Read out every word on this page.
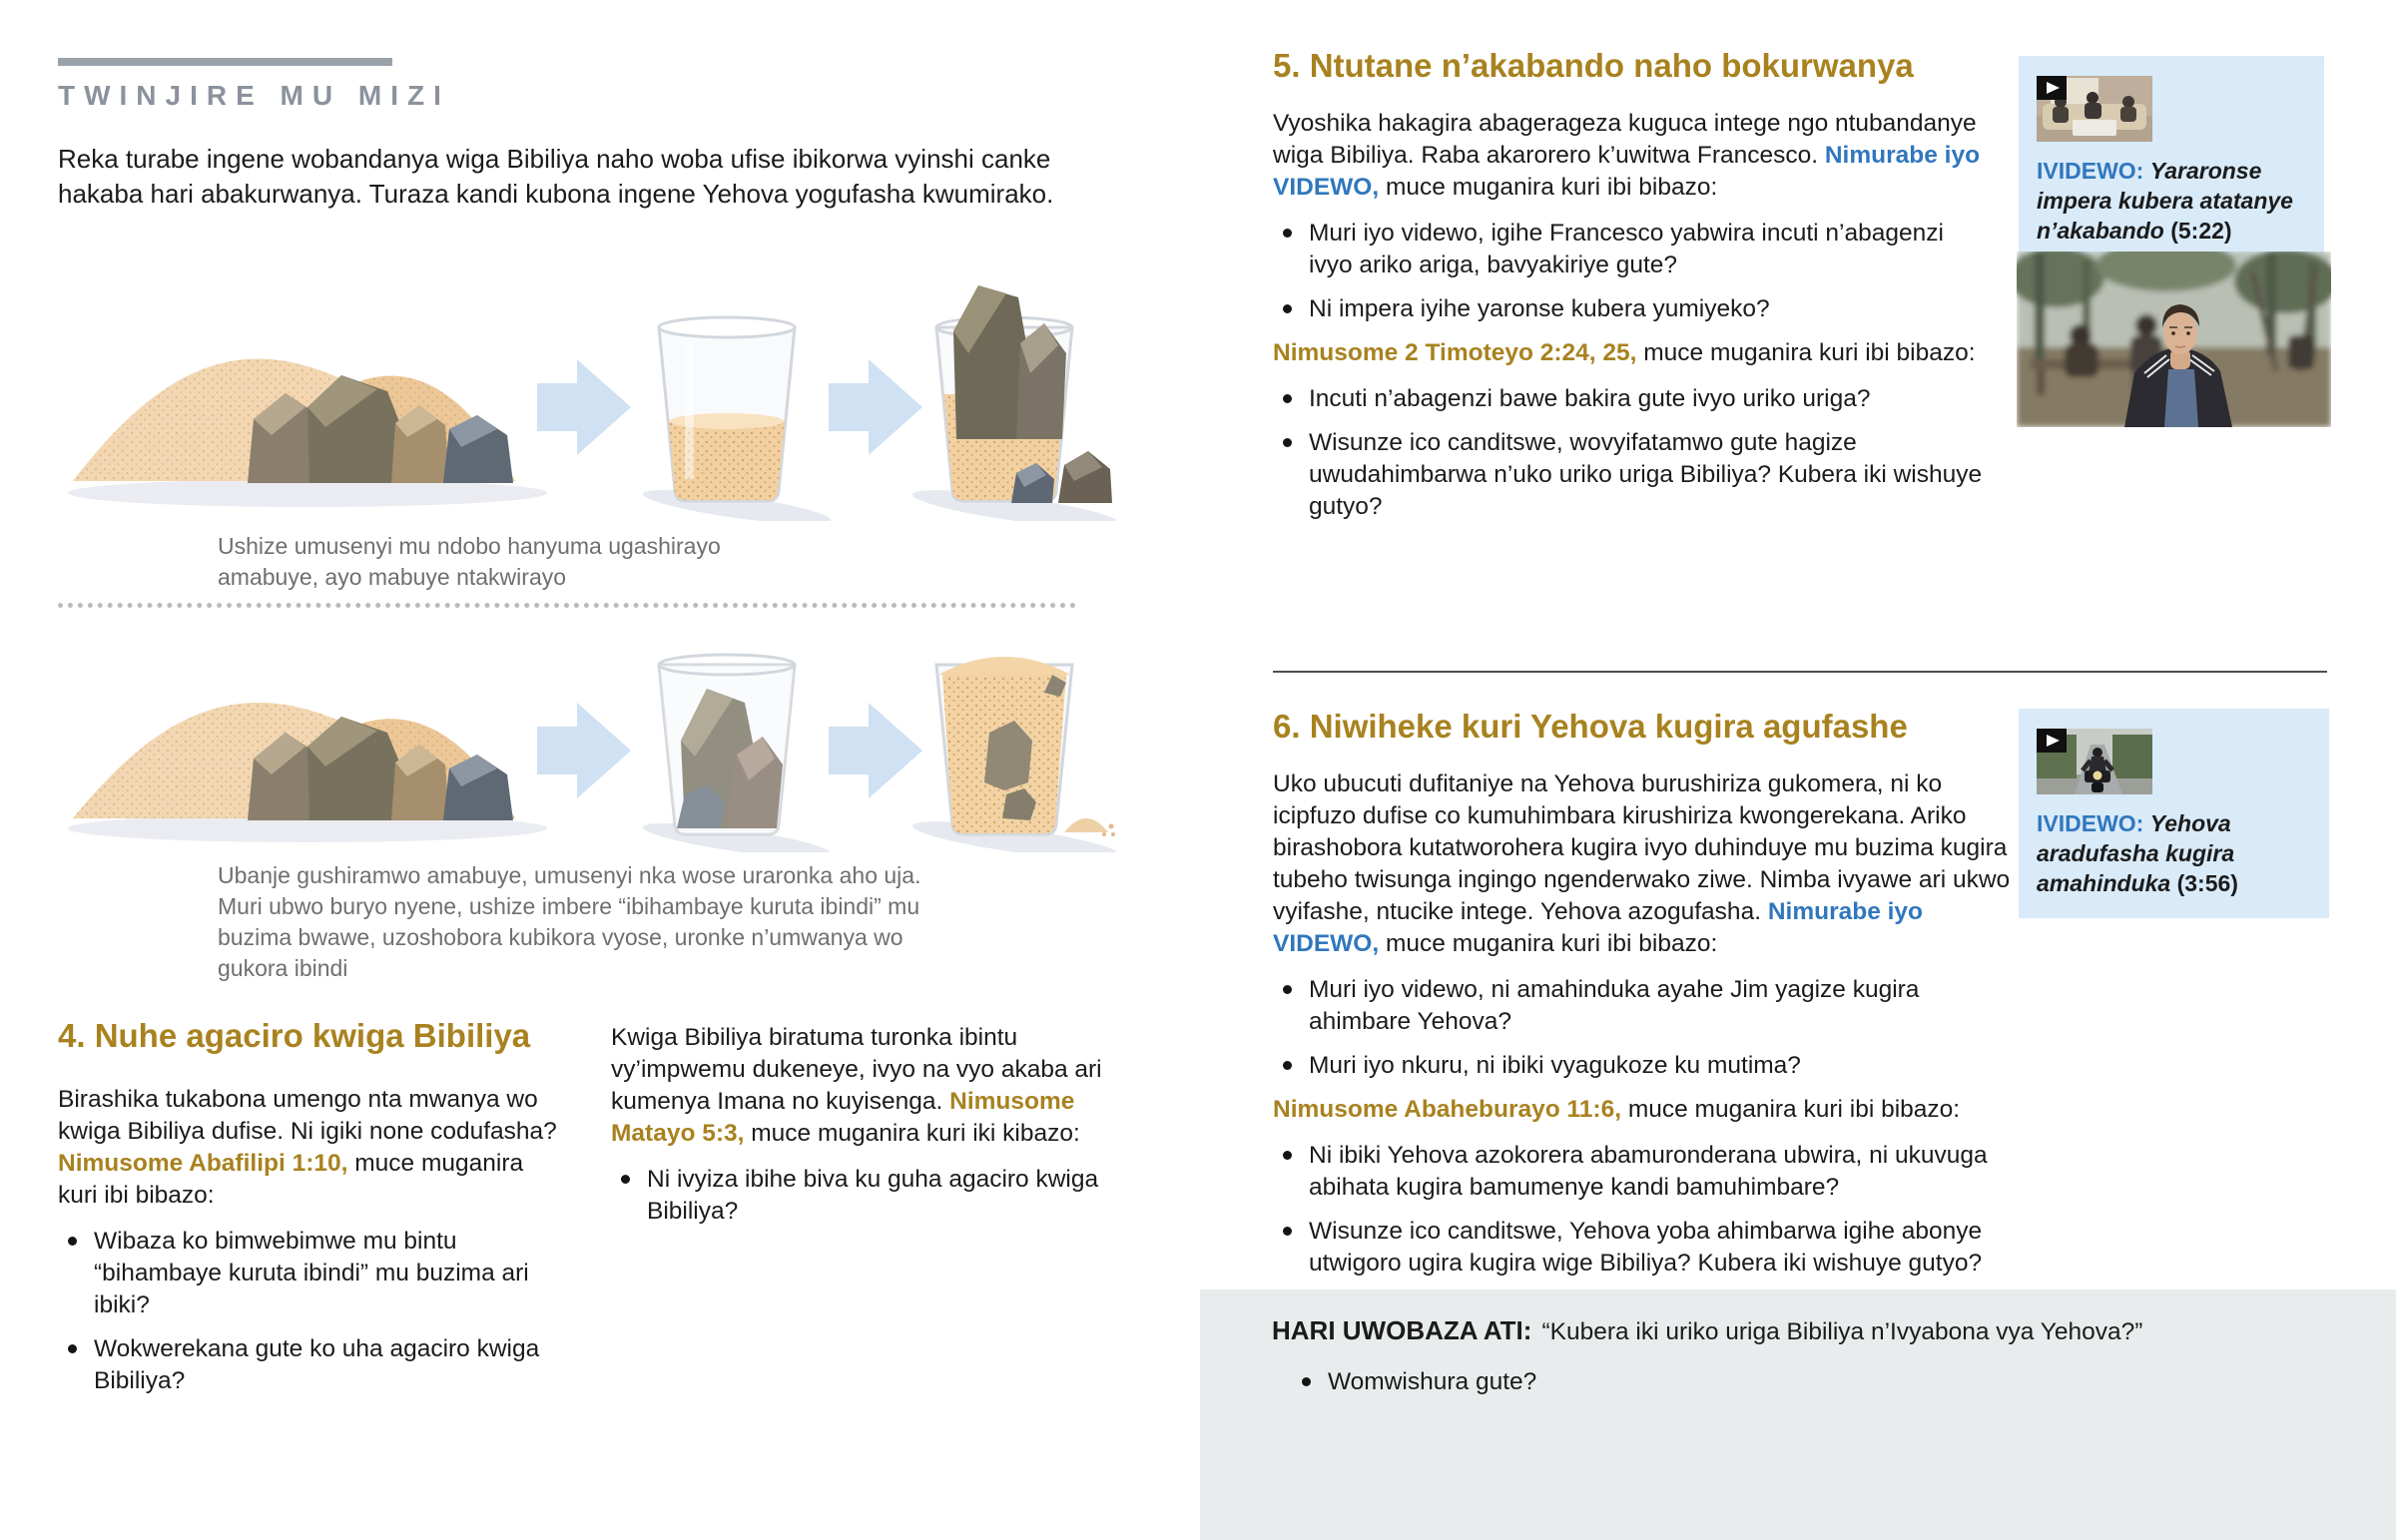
TWINJIRE MU MIZI

Reka turabe ingene wobandanya wiga Bibiliya naho woba ufise ibikorwa vyinshi canke hakaba hari abakurwanya. Turaza kandi kubona ingene Yehova yogufasha kwumirako.

Ushize umusenyi mu ndobo hanyuma ugashirayo amabuye, ayo mabuye ntakwirayo

Ubanje gushiramwo amabuye, umusenyi nka wose uraronka aho uja. Muri ubwo buryo nyene, ushize imbere “ibihambaye kuruta ibindi” mu buzima bwawe, uzoshobora kubikora vyose, uronke n’umwanya wo gukora ibindi

4. Nuhe agaciro kwiga Bibiliya

Birashika tukabona umengo nta mwanya wo kwiga Bibiliya dufise. Ni igiki none codufasha? Nimusome Abafilipi 1:10, muce muganira kuri ibi bibazo:

Wibaza ko bimwebimwe mu bintu “bihambaye kuruta ibindi” mu buzima ari ibiki?
Wokwerekana gute ko uha agaciro kwiga Bibiliya?

Kwiga Bibiliya biratuma turonka ibintu vy’impwemu dukeneye, ivyo na vyo akaba ari kumenya Imana no kuyisenga. Nimusome Matayo 5:3, muce muganira kuri iki kibazo:

Ni ivyiza ibihe biva ku guha agaciro kwiga Bibiliya?
5. Ntutane n’akabando naho bokurwanya

Vyoshika hakagira abagerageza kuguca intege ngo ntubandanye wiga Bibiliya. Raba akarorero k’uwitwa Francesco. Nimurabe iyo VIDEWO, muce muganira kuri ibi bibazo:

Muri iyo videwo, igihe Francesco yabwira incuti n’abagenzi ivyo ariko ariga, bavyakiriye gute?
Ni impera iyihe yaronse kubera yumiyeko?

Nimusome 2 Timoteyo 2:24, 25, muce muganira kuri ibi bibazo:

Incuti n’abagenzi bawe bakira gute ivyo uriko uriga?
Wisunze ico canditswe, wovyifatamwo gute hagize uwudahimbarwa n’uko uriko uriga Bibiliya? Kubera iki wishuye gutyo?

IVIDEWO: Yararonse impera kubera atatanye n’akabando (5:22)

6. Niwiheke kuri Yehova kugira agufashe

Uko ubucuti dufitaniye na Yehova burushiriza gukomera, ni ko icipfuzo dufise co kumuhimbara kirushiriza kwongerekana. Ariko birashobora kutatworohera kugira ivyo duhinduye mu buzima kugira tubeho twisunga ingingo ngenderwako ziwe. Nimba ivyawe ari ukwo vyifashe, ntucike intege. Yehova azogufasha. Nimurabe iyo VIDEWO, muce muganira kuri ibi bibazo:

Muri iyo videwo, ni amahinduka ayahe Jim yagize kugira ahimbare Yehova?
Muri iyo nkuru, ni ibiki vyagukoze ku mutima?

Nimusome Abaheburayo 11:6, muce muganira kuri ibi bibazo:

Ni ibiki Yehova azokorera abamuronderana ubwira, ni ukuvuga abihata kugira bamumenye kandi bamuhimbare?
Wisunze ico canditswe, Yehova yoba ahimbarwa igihe abonye utwigoro ugira kugira wige Bibiliya? Kubera iki wishuye gutyo?

IVIDEWO: Yehova aradufasha kugira amahinduka (3:56)

HARI UWOBAZA ATI: “Kubera iki uriko uriga Bibiliya n’Ivyabona vya Yehova?”

Womwishura gute?
